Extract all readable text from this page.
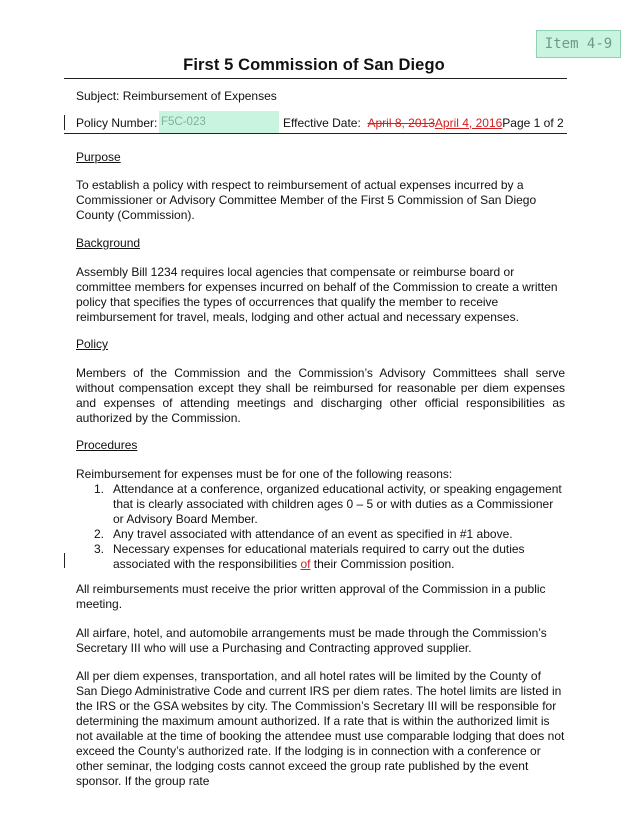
Item 4-9
First 5 Commission of San Diego
Subject: Reimbursement of Expenses
Policy Number: F5C-023	Effective Date: April 8, 2013April 4, 2016Page 1 of 2
Purpose

To establish a policy with respect to reimbursement of actual expenses incurred by a Commissioner or Advisory Committee Member of the First 5 Commission of San Diego County (Commission).

Background

Assembly Bill 1234 requires local agencies that compensate or reimburse board or committee members for expenses incurred on behalf of the Commission to create a written policy that specifies the types of occurrences that qualify the member to receive reimbursement for travel, meals, lodging and other actual and necessary expenses.

Policy

Members of the Commission and the Commission’s Advisory Committees shall serve without compensation except they shall be reimbursed for reasonable per diem expenses and expenses of attending meetings and discharging other official responsibilities as authorized by the Commission.

Procedures

Reimbursement for expenses must be for one of the following reasons:

1. Attendance at a conference, organized educational activity, or speaking engagement that is clearly associated with children ages 0 – 5 or with duties as a Commissioner or Advisory Board Member.
2. Any travel associated with attendance of an event as specified in #1 above.
3. Necessary expenses for educational materials required to carry out the duties associated with the responsibilities of their Commission position.

All reimbursements must receive the prior written approval of the Commission in a public meeting.

All airfare, hotel, and automobile arrangements must be made through the Commission’s Secretary III who will use a Purchasing and Contracting approved supplier.

All per diem expenses, transportation, and all hotel rates will be limited by the County of San Diego Administrative Code and current IRS per diem rates. The hotel limits are listed in the IRS or the GSA websites by city. The Commission’s Secretary III will be responsible for determining the maximum amount authorized. If a rate that is within the authorized limit is not available at the time of booking the attendee must use comparable lodging that does not exceed the County’s authorized rate. If the lodging is in connection with a conference or other seminar, the lodging costs cannot exceed the group rate published by the event sponsor. If the group rate
